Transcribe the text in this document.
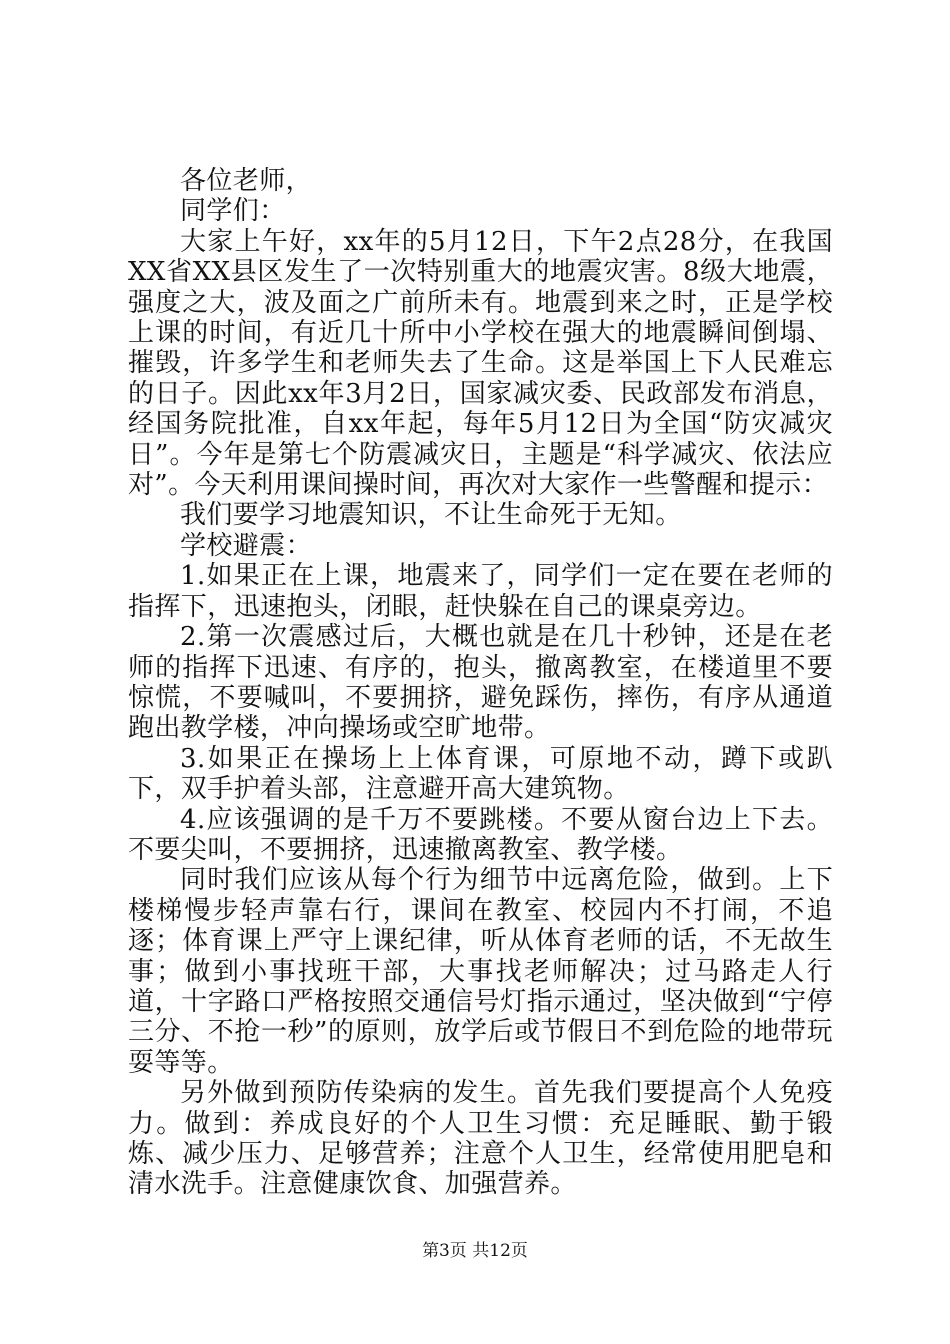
各位老师，

同学们：

大家上午好，xx年的5月12日，下午2点28分，在我国XX省XX县区发生了一次特别重大的地震灾害。8级大地震，强度之大，波及面之广前所未有。地震到来之时，正是学校上课的时间，有近几十所中小学校在强大的地震瞬间倒塌、摧毁，许多学生和老师失去了生命。这是举国上下人民难忘的日子。因此xx年3月2日，国家减灾委、民政部发布消息，经国务院批准，自xx年起，每年5月12日为全国“防灾减灾日”。今年是第七个防震减灾日，主题是“科学减灾、依法应对”。今天利用课间操时间，再次对大家作一些警醒和提示：

我们要学习地震知识，不让生命死于无知。

学校避震：

1.如果正在上课，地震来了，同学们一定在要在老师的指挥下，迅速抱头，闭眼，赶快躲在自己的课桌旁边。

2.第一次震感过后，大概也就是在几十秒钟，还是在老师的指挥下迅速、有序的，抱头，撤离教室，在楼道里不要惊慌，不要喊叫，不要拥挤，避免踩伤，摔伤，有序从通道跑出教学楼，冲向操场或空旷地带。

3.如果正在操场上上体育课，可原地不动，蹲下或趴下，双手护着头部，注意避开高大建筑物。

4.应该强调的是千万不要跳楼。不要从窗台边上下去。不要尖叫，不要拥挤，迅速撤离教室、教学楼。

同时我们应该从每个行为细节中远离危险，做到。上下楼梯慢步轻声靠右行，课间在教室、校园内不打闹，不追逐；体育课上严守上课纪律，听从体育老师的话，不无故生事；做到小事找班干部，大事找老师解决；过马路走人行道，十字路口严格按照交通信号灯指示通过，坚决做到“宁停三分、不抢一秒”的原则，放学后或节假日不到危险的地带玩耍等等。

另外做到预防传染病的发生。首先我们要提高个人免疫力。做到：养成良好的个人卫生习惯：充足睡眠、勤于锻炼、减少压力、足够营养；注意个人卫生，经常使用肥皂和清水洗手。注意健康饮食、加强营养。

第3页 共12页
